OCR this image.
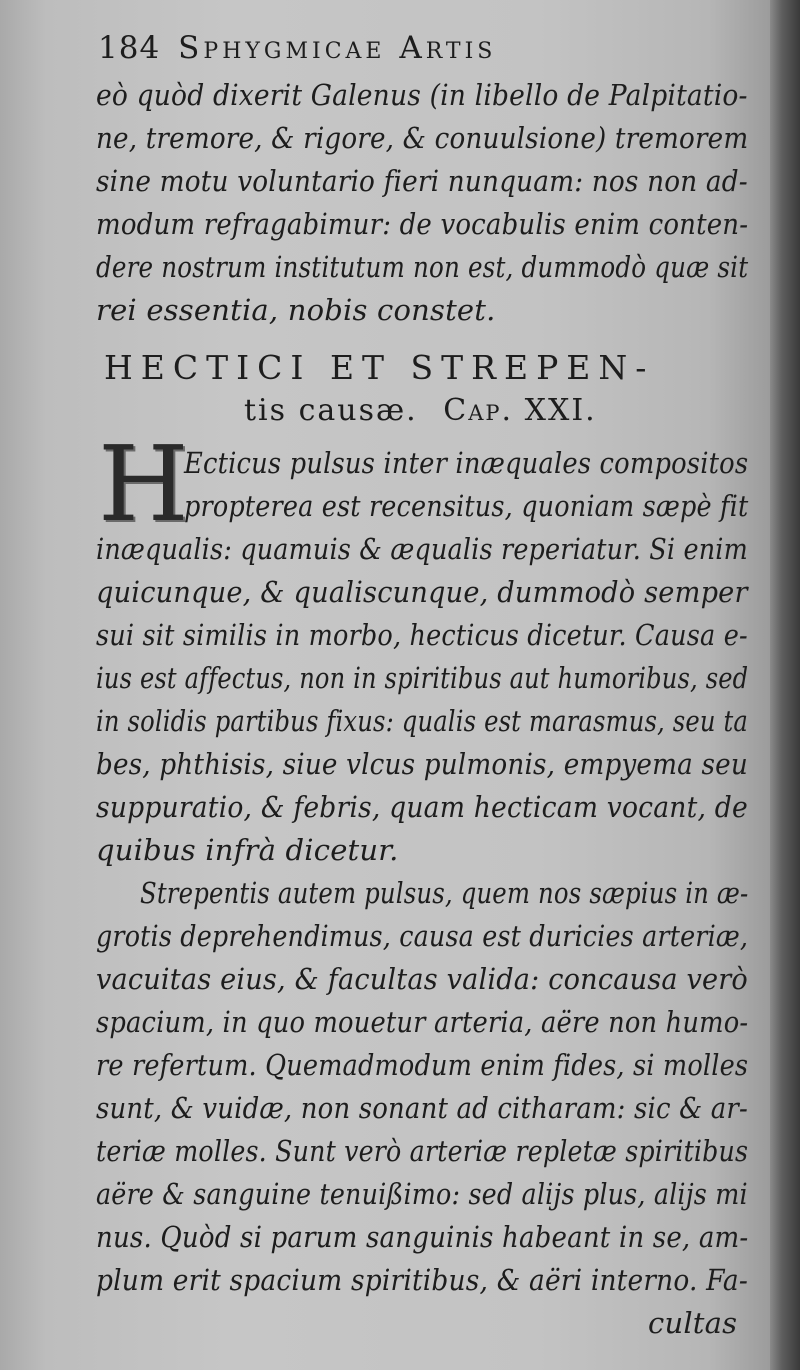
184 Sphygmicae Artis
eò quòd dixerit Galenus (in libello de Palpitatio-
ne, tremore, & rigore, & conuulsione) tremorem
sine motu voluntario fieri nunquam: nos non ad-
modum refragabimur: de vocabulis enim conten-
dere nostrum institutum non est, dummodò quæ sit
rei essentia, nobis constet.
HECTICI ET STREPEN-
tis causæ. Cap. XXI.
H
Ecticus pulsus inter inæquales compositos
propterea est recensitus, quoniam sæpè fit
inæqualis: quamuis & æqualis reperiatur. Si enim
quicunque, & qualiscunque, dummodò semper
sui sit similis in morbo, hecticus dicetur. Causa e-
ius est affectus, non in spiritibus aut humoribus, sed
in solidis partibus fixus: qualis est marasmus, seu ta
bes, phthisis, siue vlcus pulmonis, empyema seu
suppuratio, & febris, quam hecticam vocant, de
quibus infrà dicetur.
Strepentis autem pulsus, quem nos sæpius in æ-
grotis deprehendimus, causa est duricies arteriæ,
vacuitas eius, & facultas valida: concausa verò
spacium, in quo mouetur arteria, aëre non humo-
re refertum. Quemadmodum enim fides, si molles
sunt, & vuidæ, non sonant ad citharam: sic & ar-
teriæ molles. Sunt verò arteriæ repletæ spiritibus
aëre & sanguine tenuißimo: sed alijs plus, alijs mi
nus. Quòd si parum sanguinis habeant in se, am-
plum erit spacium spiritibus, & aëri interno. Fa-
cultas
